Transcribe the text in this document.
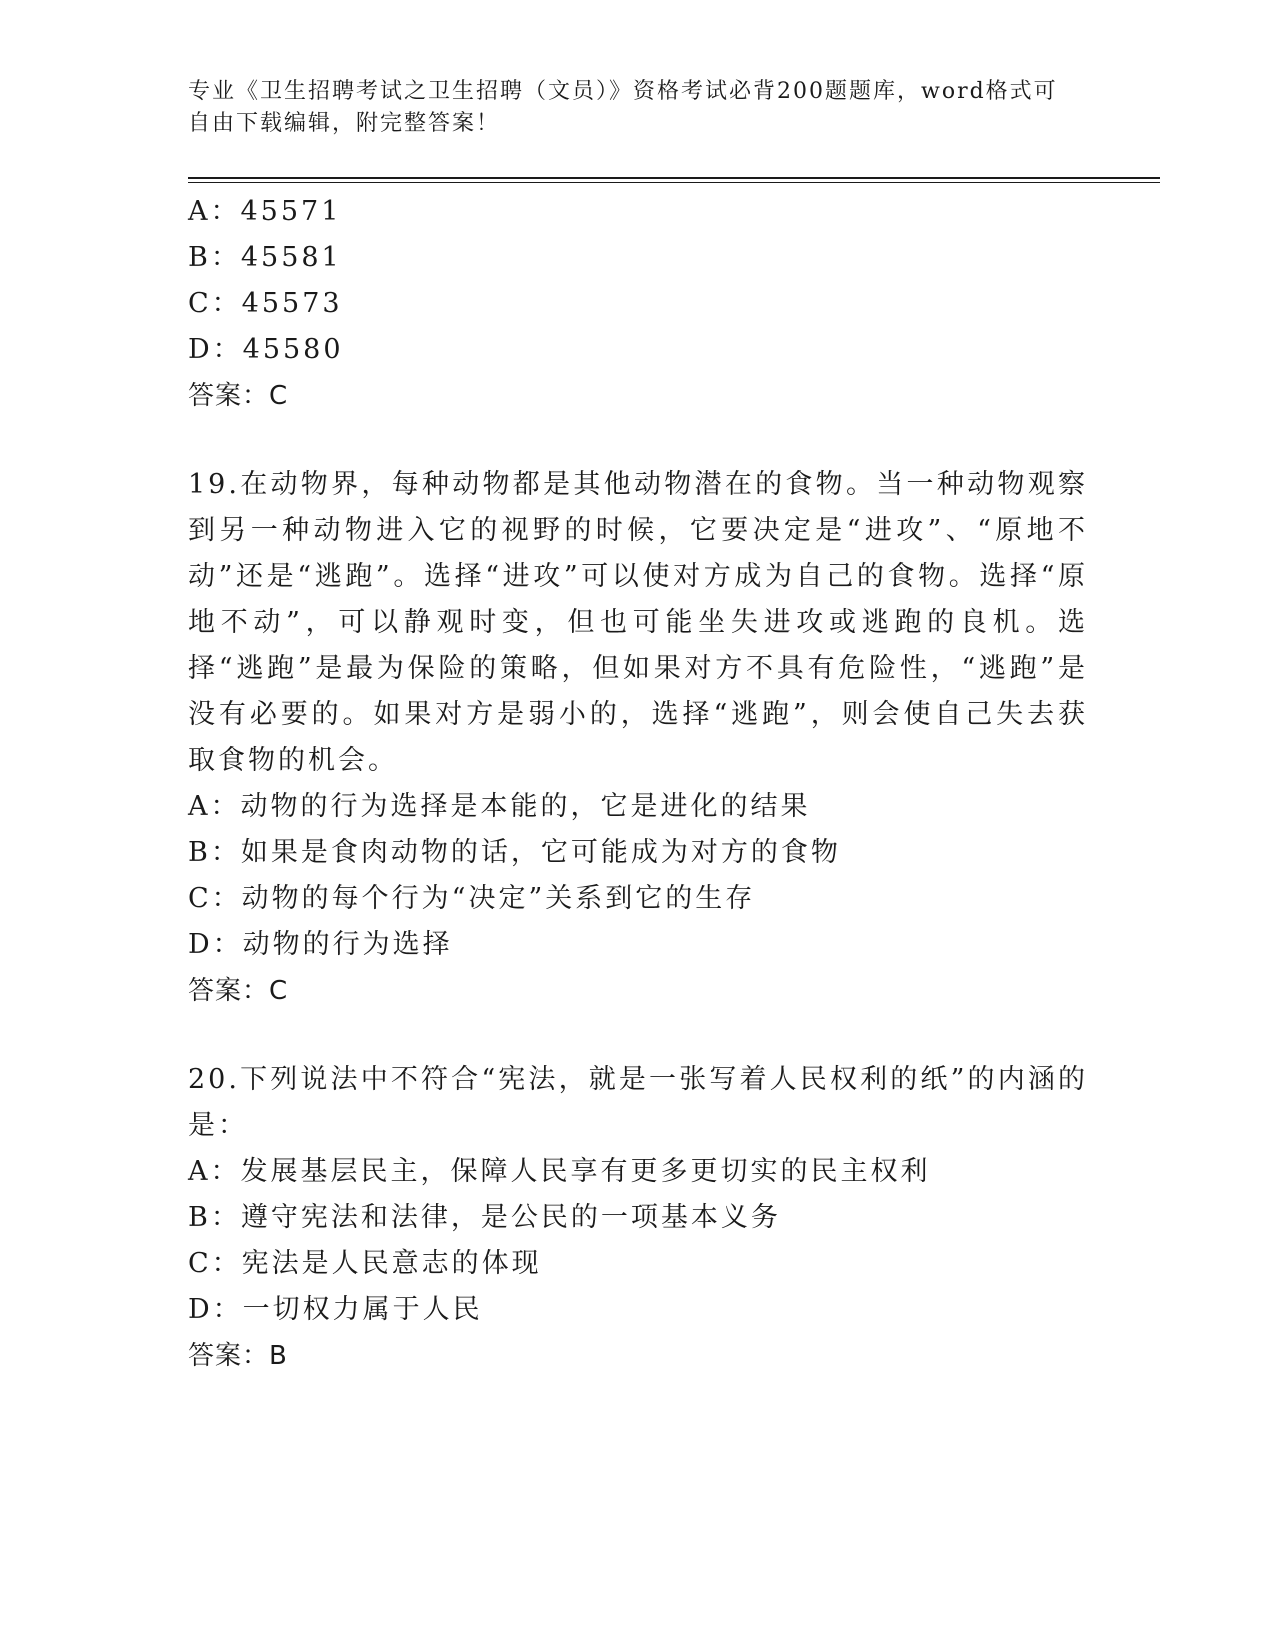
专业《卫生招聘考试之卫生招聘（文员）》资格考试必背200题题库，word格式可自由下载编辑，附完整答案！
A：45571
B：45581
C：45573
D：45580
答案：C
19.在动物界，每种动物都是其他动物潜在的食物。当一种动物观察到另一种动物进入它的视野的时候，它要决定是“进攻”、“原地不动”还是“逃跑”。选择“进攻”可以使对方成为自己的食物。选择“原地不动”，可以静观时变，但也可能坐失进攻或逃跑的良机。选择“逃跑”是最为保险的策略，但如果对方不具有危险性，“逃跑”是没有必要的。如果对方是弱小的，选择“逃跑”，则会使自己失去获取食物的机会。
A：动物的行为选择是本能的，它是进化的结果
B：如果是食肉动物的话，它可能成为对方的食物
C：动物的每个行为“决定”关系到它的生存
D：动物的行为选择
答案：C
20.下列说法中不符合“宪法，就是一张写着人民权利的纸”的内涵的是：
A：发展基层民主，保障人民享有更多更切实的民主权利
B：遵守宪法和法律，是公民的一项基本义务
C：宪法是人民意志的体现
D：一切权力属于人民
答案：B
